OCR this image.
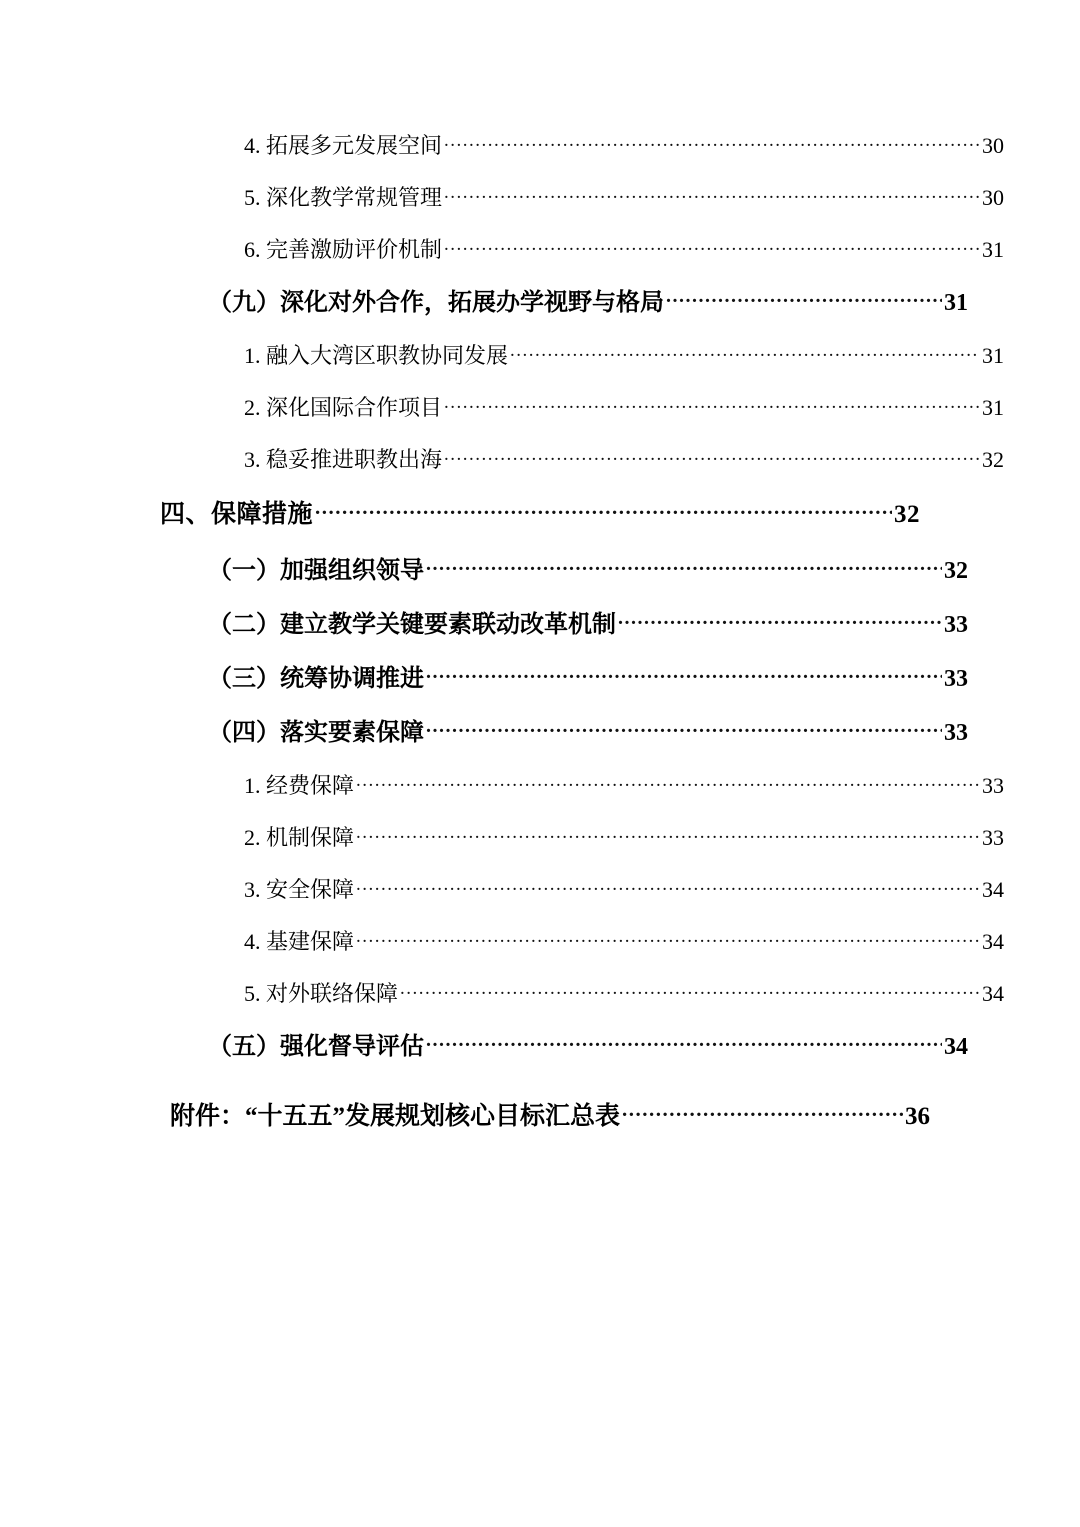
4. 拓展多元发展空间 .....	30
5. 深化教学常规管理 .....	30
6. 完善激励评价机制 .....	31
（九）深化对外合作，拓展办学视野与格局 .....	31
1. 融入大湾区职教协同发展 .....	31
2. 深化国际合作项目 .....	31
3. 稳妥推进职教出海 .....	32
四、保障措施 .....	32
（一）加强组织领导 .....	32
（二）建立教学关键要素联动改革机制 .....	33
（三）统筹协调推进 .....	33
（四）落实要素保障 .....	33
1. 经费保障 .....	33
2. 机制保障 .....	33
3. 安全保障 .....	34
4. 基建保障 .....	34
5. 对外联络保障 .....	34
（五）强化督导评估 .....	34
附件：“十五五”发展规划核心目标汇总表 .....	36
